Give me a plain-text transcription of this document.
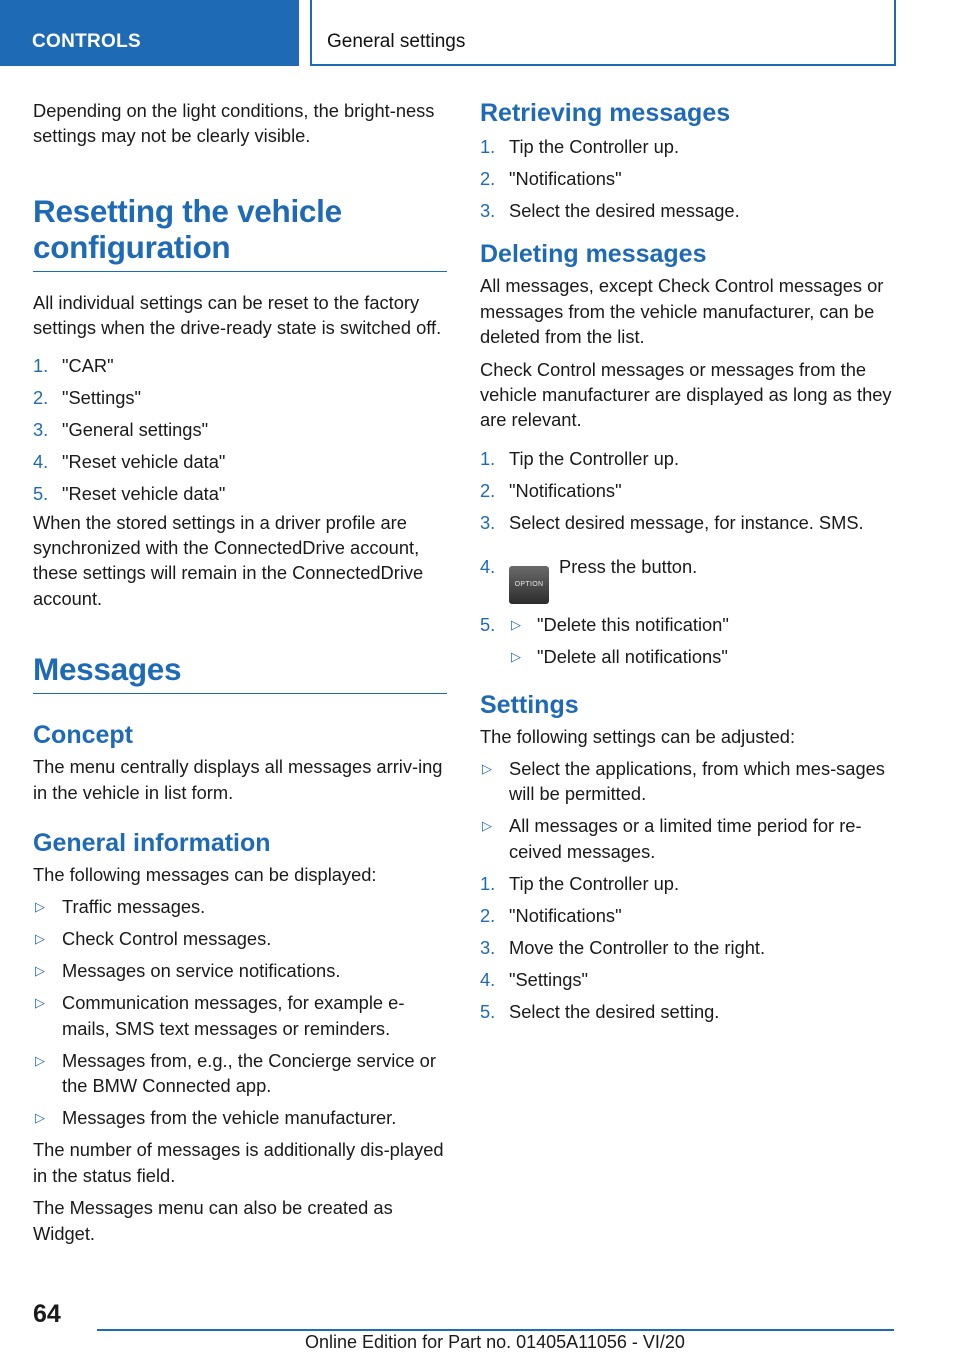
CONTROLS	General settings

Depending on the light conditions, the bright-ness settings may not be clearly visible.

Resetting the vehicle configuration

All individual settings can be reset to the factory settings when the drive-ready state is switched off.

1. "CAR"
2. "Settings"
3. "General settings"
4. "Reset vehicle data"
5. "Reset vehicle data"

When the stored settings in a driver profile are synchronized with the ConnectedDrive account, these settings will remain in the ConnectedDrive account.

Messages
Concept

The menu centrally displays all messages arriv-ing in the vehicle in list form.

General information

The following messages can be displayed:

▷ Traffic messages.
▷ Check Control messages.
▷ Messages on service notifications.
▷ Communication messages, for example e-mails, SMS text messages or reminders.
▷ Messages from, e.g., the Concierge service or the BMW Connected app.
▷ Messages from the vehicle manufacturer.

The number of messages is additionally dis-played in the status field.

The Messages menu can also be created as Widget.

Retrieving messages
1. Tip the Controller up.
2. "Notifications"
3. Select the desired message.
Deleting messages

All messages, except Check Control messages or messages from the vehicle manufacturer, can be deleted from the list.

Check Control messages or messages from the vehicle manufacturer are displayed as long as they are relevant.

1. Tip the Controller up.
2. "Notifications"
3. Select desired message, for instance. SMS.
4.
OPTIONPress the button.
5. ▷ "Delete this notification"
▷ "Delete all notifications"
Settings

The following settings can be adjusted:

▷ Select the applications, from which mes-sages will be permitted.
▷ All messages or a limited time period for re-ceived messages.
1. Tip the Controller up.
2. "Notifications"
3. Move the Controller to the right.
4. "Settings"
5. Select the desired setting.
64
Online Edition for Part no. 01405A11056 - VI/20
